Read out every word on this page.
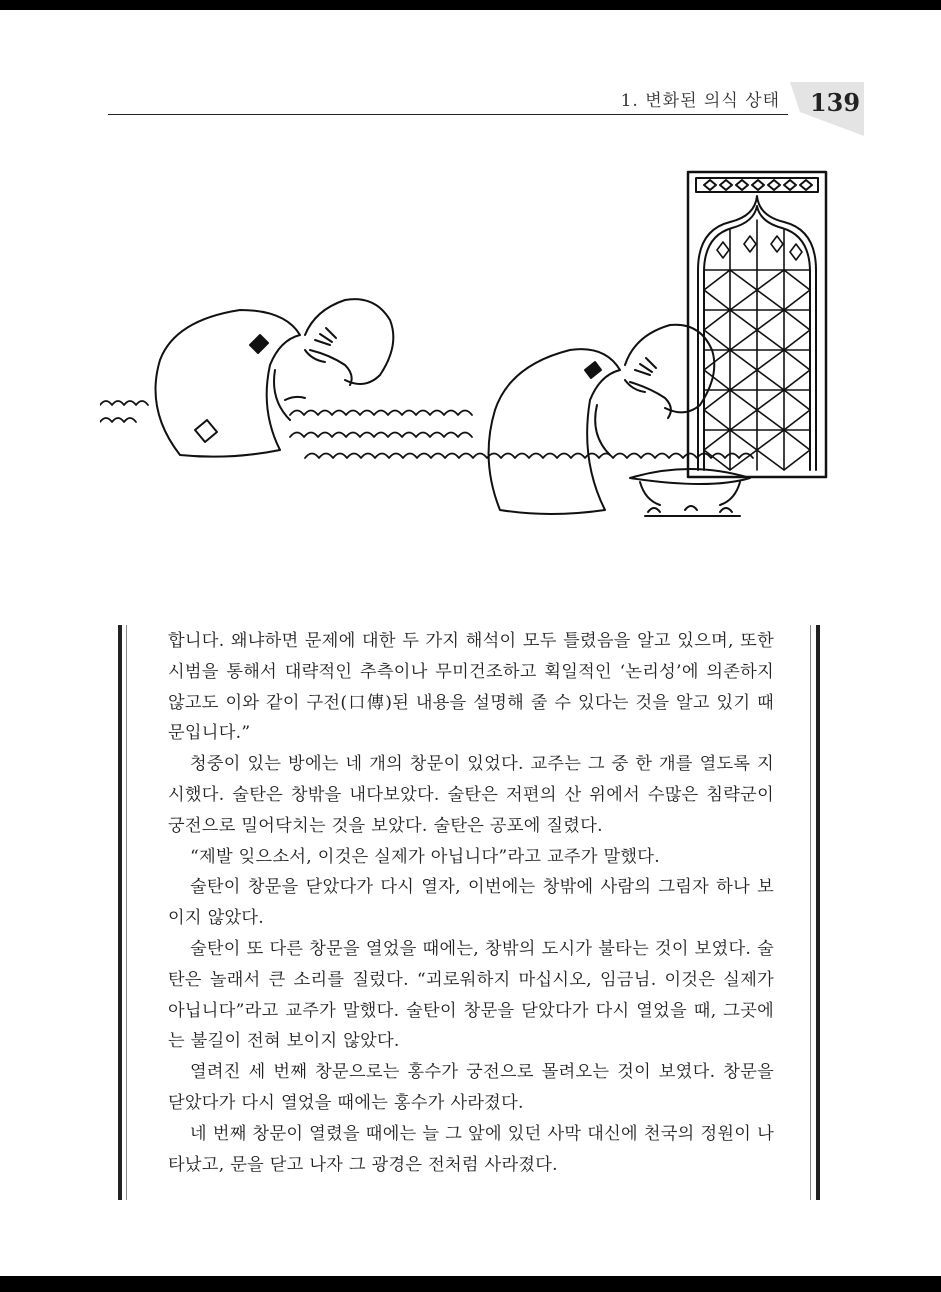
1. 변화된 의식 상태 139

합니다. 왜냐하면 문제에 대한 두 가지 해석이 모두 틀렸음을 알고 있으며, 또한 시범을 통해서 대략적인 추측이나 무미건조하고 획일적인 ‘논리성’에 의존하지 않고도 이와 같이 구전(口傳)된 내용을 설명해 줄 수 있다는 것을 알고 있기 때문입니다.”

청중이 있는 방에는 네 개의 창문이 있었다. 교주는 그 중 한 개를 열도록 지시했다. 술탄은 창밖을 내다보았다. 술탄은 저편의 산 위에서 수많은 침략군이 궁전으로 밀어닥치는 것을 보았다. 술탄은 공포에 질렸다.

“제발 잊으소서, 이것은 실제가 아닙니다”라고 교주가 말했다.

술탄이 창문을 닫았다가 다시 열자, 이번에는 창밖에 사람의 그림자 하나 보이지 않았다.

술탄이 또 다른 창문을 열었을 때에는, 창밖의 도시가 불타는 것이 보였다. 술탄은 놀래서 큰 소리를 질렀다. “괴로워하지 마십시오, 임금님. 이것은 실제가 아닙니다”라고 교주가 말했다. 술탄이 창문을 닫았다가 다시 열었을 때, 그곳에는 불길이 전혀 보이지 않았다.

열려진 세 번째 창문으로는 홍수가 궁전으로 몰려오는 것이 보였다. 창문을 닫았다가 다시 열었을 때에는 홍수가 사라졌다.

네 번째 창문이 열렸을 때에는 늘 그 앞에 있던 사막 대신에 천국의 정원이 나타났고, 문을 닫고 나자 그 광경은 전처럼 사라졌다.
